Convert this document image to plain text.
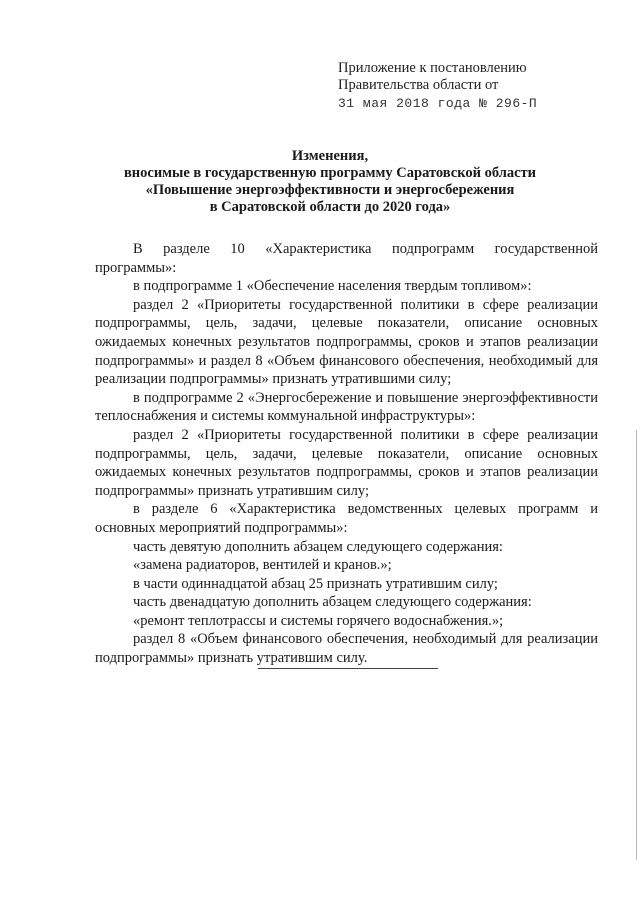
Приложение к постановлению
Правительства области от
31 мая 2018 года № 296-П
Изменения,
вносимые в государственную программу Саратовской области
«Повышение энергоэффективности и энергосбережения
в Саратовской области до 2020 года»

В разделе 10 «Характеристика подпрограмм государственной программы»:

в подпрограмме 1 «Обеспечение населения твердым топливом»:

раздел 2 «Приоритеты государственной политики в сфере реализации подпрограммы, цель, задачи, целевые показатели, описание основных ожидаемых конечных результатов подпрограммы, сроков и этапов реализации подпрограммы» и раздел 8 «Объем финансового обеспечения, необходимый для реализации подпрограммы» признать утратившими силу;

в подпрограмме 2 «Энергосбережение и повышение энергоэффективности теплоснабжения и системы коммунальной инфраструктуры»:

раздел 2 «Приоритеты государственной политики в сфере реализации подпрограммы, цель, задачи, целевые показатели, описание основных ожидаемых конечных результатов подпрограммы, сроков и этапов реализации подпрограммы» признать утратившим силу;

в разделе 6 «Характеристика ведомственных целевых программ и основных мероприятий подпрограммы»:

часть девятую дополнить абзацем следующего содержания:

«замена радиаторов, вентилей и кранов.»;

в части одиннадцатой абзац 25 признать утратившим силу;

часть двенадцатую дополнить абзацем следующего содержания:

«ремонт теплотрассы и системы горячего водоснабжения.»;

раздел 8 «Объем финансового обеспечения, необходимый для реализации подпрограммы» признать утратившим силу.
